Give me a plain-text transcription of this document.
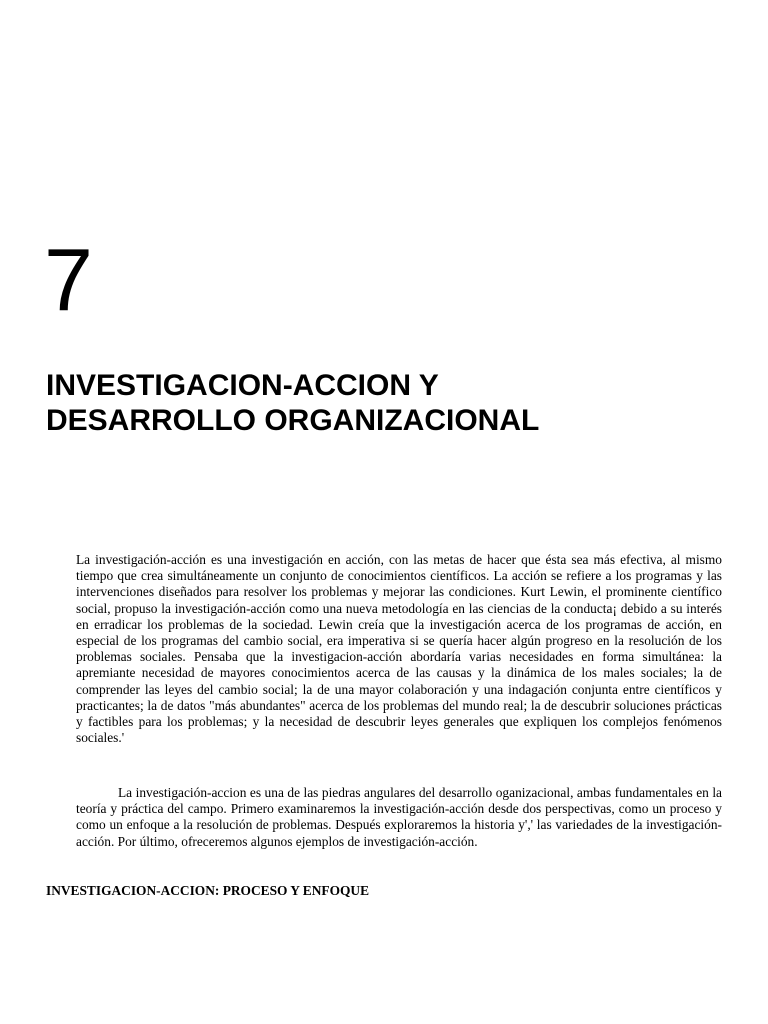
7
INVESTIGACION-ACCION Y
DESARROLLO ORGANIZACIONAL

La investigación-acción es una investigación en acción, con las metas de hacer que ésta sea más efectiva, al mismo tiempo que crea simultáneamente un conjunto de conocimientos científicos. La acción se refiere a los programas y las intervenciones diseñados para resolver los problemas y mejorar las condiciones. Kurt Lewin, el prominente científico social, propuso la investigación-acción como una nueva metodología en las ciencias de la conducta¡ debido a su interés en erradicar los problemas de la sociedad. Lewin creía que la investigación acerca de los programas de acción, en especial de los programas del cambio social, era imperativa si se quería hacer algún progreso en la resolución de los problemas sociales. Pensaba que la investigacion-acción abordaría varias necesidades en forma simultánea: la apremiante necesidad de mayores conocimientos acerca de las causas y la dinámica de los males sociales; la de comprender las leyes del cambio social; la de una mayor colaboración y una indagación conjunta entre científicos y practicantes; la de datos "más abundantes" acerca de los problemas del mundo real; la de descubrir soluciones prácticas y factibles para los problemas; y la necesidad de descubrir leyes generales que expliquen los complejos fenómenos sociales.'

La investigación-accion es una de las piedras angulares del desarrollo oganizacional, ambas fundamentales en la teoría y práctica del campo. Primero examinaremos la investigación-acción desde dos perspectivas, como un proceso y como un enfoque a la resolución de problemas. Después exploraremos la historia y',' las variedades de la investigación-acción. Por último, ofreceremos algunos ejemplos de investigación-acción.

INVESTIGACION-ACCION: PROCESO Y ENFOQUE
